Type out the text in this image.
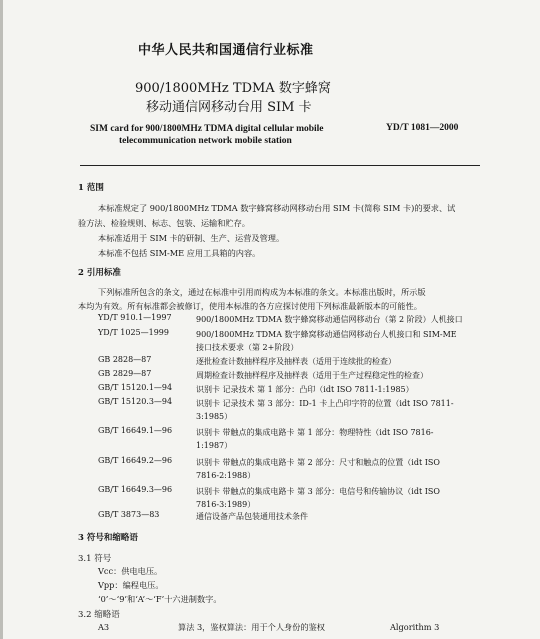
中华人民共和国通信行业标准
900/1800MHz TDMA 数字蜂窝
移动通信网移动台用 SIM 卡
SIM card for 900/1800MHz TDMA digital cellular mobile
telecommunication network mobile station
YD/T 1081—2000
1 范围
本标准规定了 900/1800MHz TDMA 数字蜂窝移动网移动台用 SIM 卡(简称 SIM 卡)的要求、试
验方法、检验规则、标志、包装、运输和贮存。
本标准适用于 SIM 卡的研制、生产、运营及管理。
本标准不包括 SIM-ME 应用工具箱的内容。
2 引用标准
下列标准所包含的条文，通过在标准中引用而构成为本标准的条文。本标准出版时，所示版
本均为有效。所有标准都会被修订，使用本标准的各方应探讨使用下列标准最新版本的可能性。
YD/T 910.1—1997	900/1800MHz TDMA 数字蜂窝移动通信网移动台（第 2 阶段）人机接口
YD/T 1025—1999	900/1800MHz TDMA 数字蜂窝移动通信网移动台人机接口和 SIM-ME
接口技术要求（第 2+阶段）
GB 2828—87	逐批检查计数抽样程序及抽样表（适用于连续批的检查）
GB 2829—87	周期检查计数抽样程序及抽样表（适用于生产过程稳定性的检查）
GB/T 15120.1—94	识别卡 记录技术 第 1 部分：凸印（idt ISO 7811-1:1985）
GB/T 15120.3—94	识别卡 记录技术 第 3 部分：ID-1 卡上凸印字符的位置（idt ISO 7811-
3:1985）
GB/T 16649.1—96	识别卡 带触点的集成电路卡 第 1 部分：物理特性（idt ISO 7816-
1:1987）
GB/T 16649.2—96	识别卡 带触点的集成电路卡 第 2 部分：尺寸和触点的位置（idt ISO
7816-2:1988）
GB/T 16649.3—96	识别卡 带触点的集成电路卡 第 3 部分：电信号和传输协议（idt ISO
7816-3:1989）
GB/T 3873—83	通信设备产品包装通用技术条件
3 符号和缩略语
3.1 符号
Vcc：供电电压。
Vpp：编程电压。
‘0’～‘9’和‘A’～‘F’十六进制数字。
3.2 缩略语
A3	算法 3，鉴权算法：用于个人身份的鉴权	Algorithm 3
